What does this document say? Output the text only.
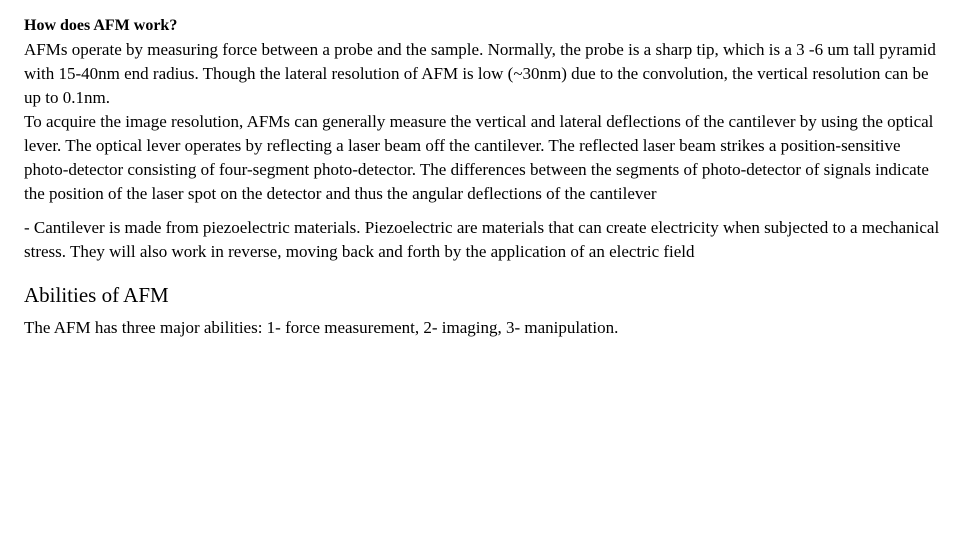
How does AFM work?

AFMs operate by measuring force between a probe and the sample. Normally, the probe is a sharp tip, which is a 3 -6 um tall pyramid with 15-40nm end radius. Though the lateral resolution of AFM is low (~30nm) due to the convolution, the vertical resolution can be up to 0.1nm.

To acquire the image resolution, AFMs can generally measure the vertical and lateral deflections of the cantilever by using the optical lever. The optical lever operates by reflecting a laser beam off the cantilever. The reflected laser beam strikes a position-sensitive photo-detector consisting of four-segment photo-detector. The differences between the segments of photo-detector of signals indicate the position of the laser spot on the detector and thus the angular deflections of the cantilever

- Cantilever is made from piezoelectric materials. Piezoelectric are materials that can create electricity when subjected to a mechanical stress. They will also work in reverse, moving back and forth by the application of an electric field

Abilities of AFM

The AFM has three major abilities: 1- force measurement, 2- imaging, 3- manipulation.
